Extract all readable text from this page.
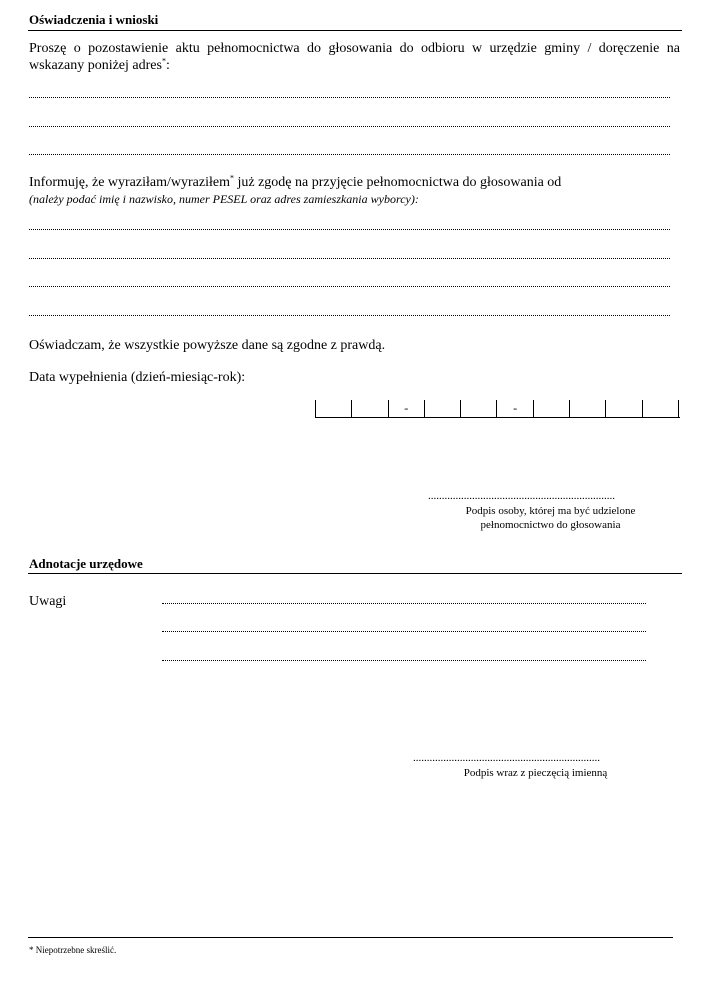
Oświadczenia i wnioski
Proszę o pozostawienie aktu pełnomocnictwa do głosowania do odbioru w urzędzie gminy / doręczenie na wskazany poniżej adres*:
Informuję, że wyraziłam/wyraziłem* już zgodę na przyjęcie pełnomocnictwa do głosowania od
(należy podać imię i nazwisko, numer PESEL oraz adres zamieszkania wyborcy):
Oświadczam, że wszystkie powyższe dane są zgodne z prawdą.
Data wypełnienia (dzień-miesiąc-rok):
-	-
....................................................................
Podpis osoby, której ma być udzielone
pełnomocnictwo do głosowania
Adnotacje urzędowe
Uwagi
....................................................................
Podpis wraz z pieczęcią imienną
* Niepotrzebne skreślić.
